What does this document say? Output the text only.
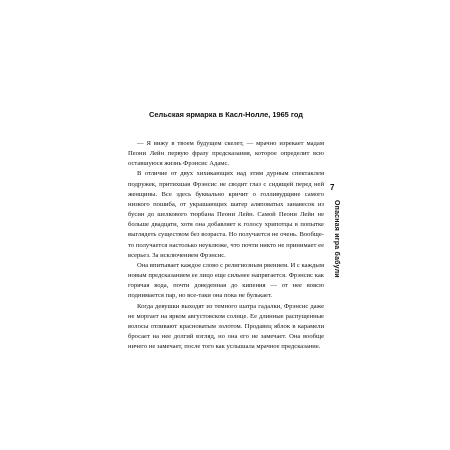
Сельская ярмарка в Касл-Нолле, 1965 год

— Я вижу в твоем будущем скелет, — мрачно изрекает мадам Пеони Лейн первую фразу предсказания, которое определит всю оставшуюся жизнь Фрэнсис Адамс.

В отличие от двух хихикающих над этим дурным спектаклем подружек, притихшая Фрэнсис не сводит глаз с сидящей перед ней женщины. Все здесь буквально кричит о голливудщине самого низкого пошиба, от украшающих шатер аляповатых занавесок из бусин до шелкового тюрбана Пеони Лейн. Самой Пеони Лейн не больше двадцати, хотя она добавляет к голосу хрипотцы в попытке выглядеть существом без возраста. Но получается не очень. Вообще-то получается настолько неуклюже, что почти никто не принимает ее всерьез. За исключением Фрэнсис.

Она впитывает каждое слово с религиозным рвением. И с каждым новым предсказанием ее лицо еще сильнее напрягается. Фрэнсис как горячая вода, почти доведенная до кипения — от нее вовсю поднимается пар, но все-таки она пока не булькает.

Когда девушки выходят из темного шатра гадалки, Фрэнсис даже не моргает на ярком августовском солнце. Ее длинные распущенные волосы отливают красноватым золотом. Продавец яблок в карамели бросает на нее долгий взгляд, но она его не замечает. Она вообще ничего не замечает, после того как услышала мрачное предсказание.

7
Опасная игра бабули
